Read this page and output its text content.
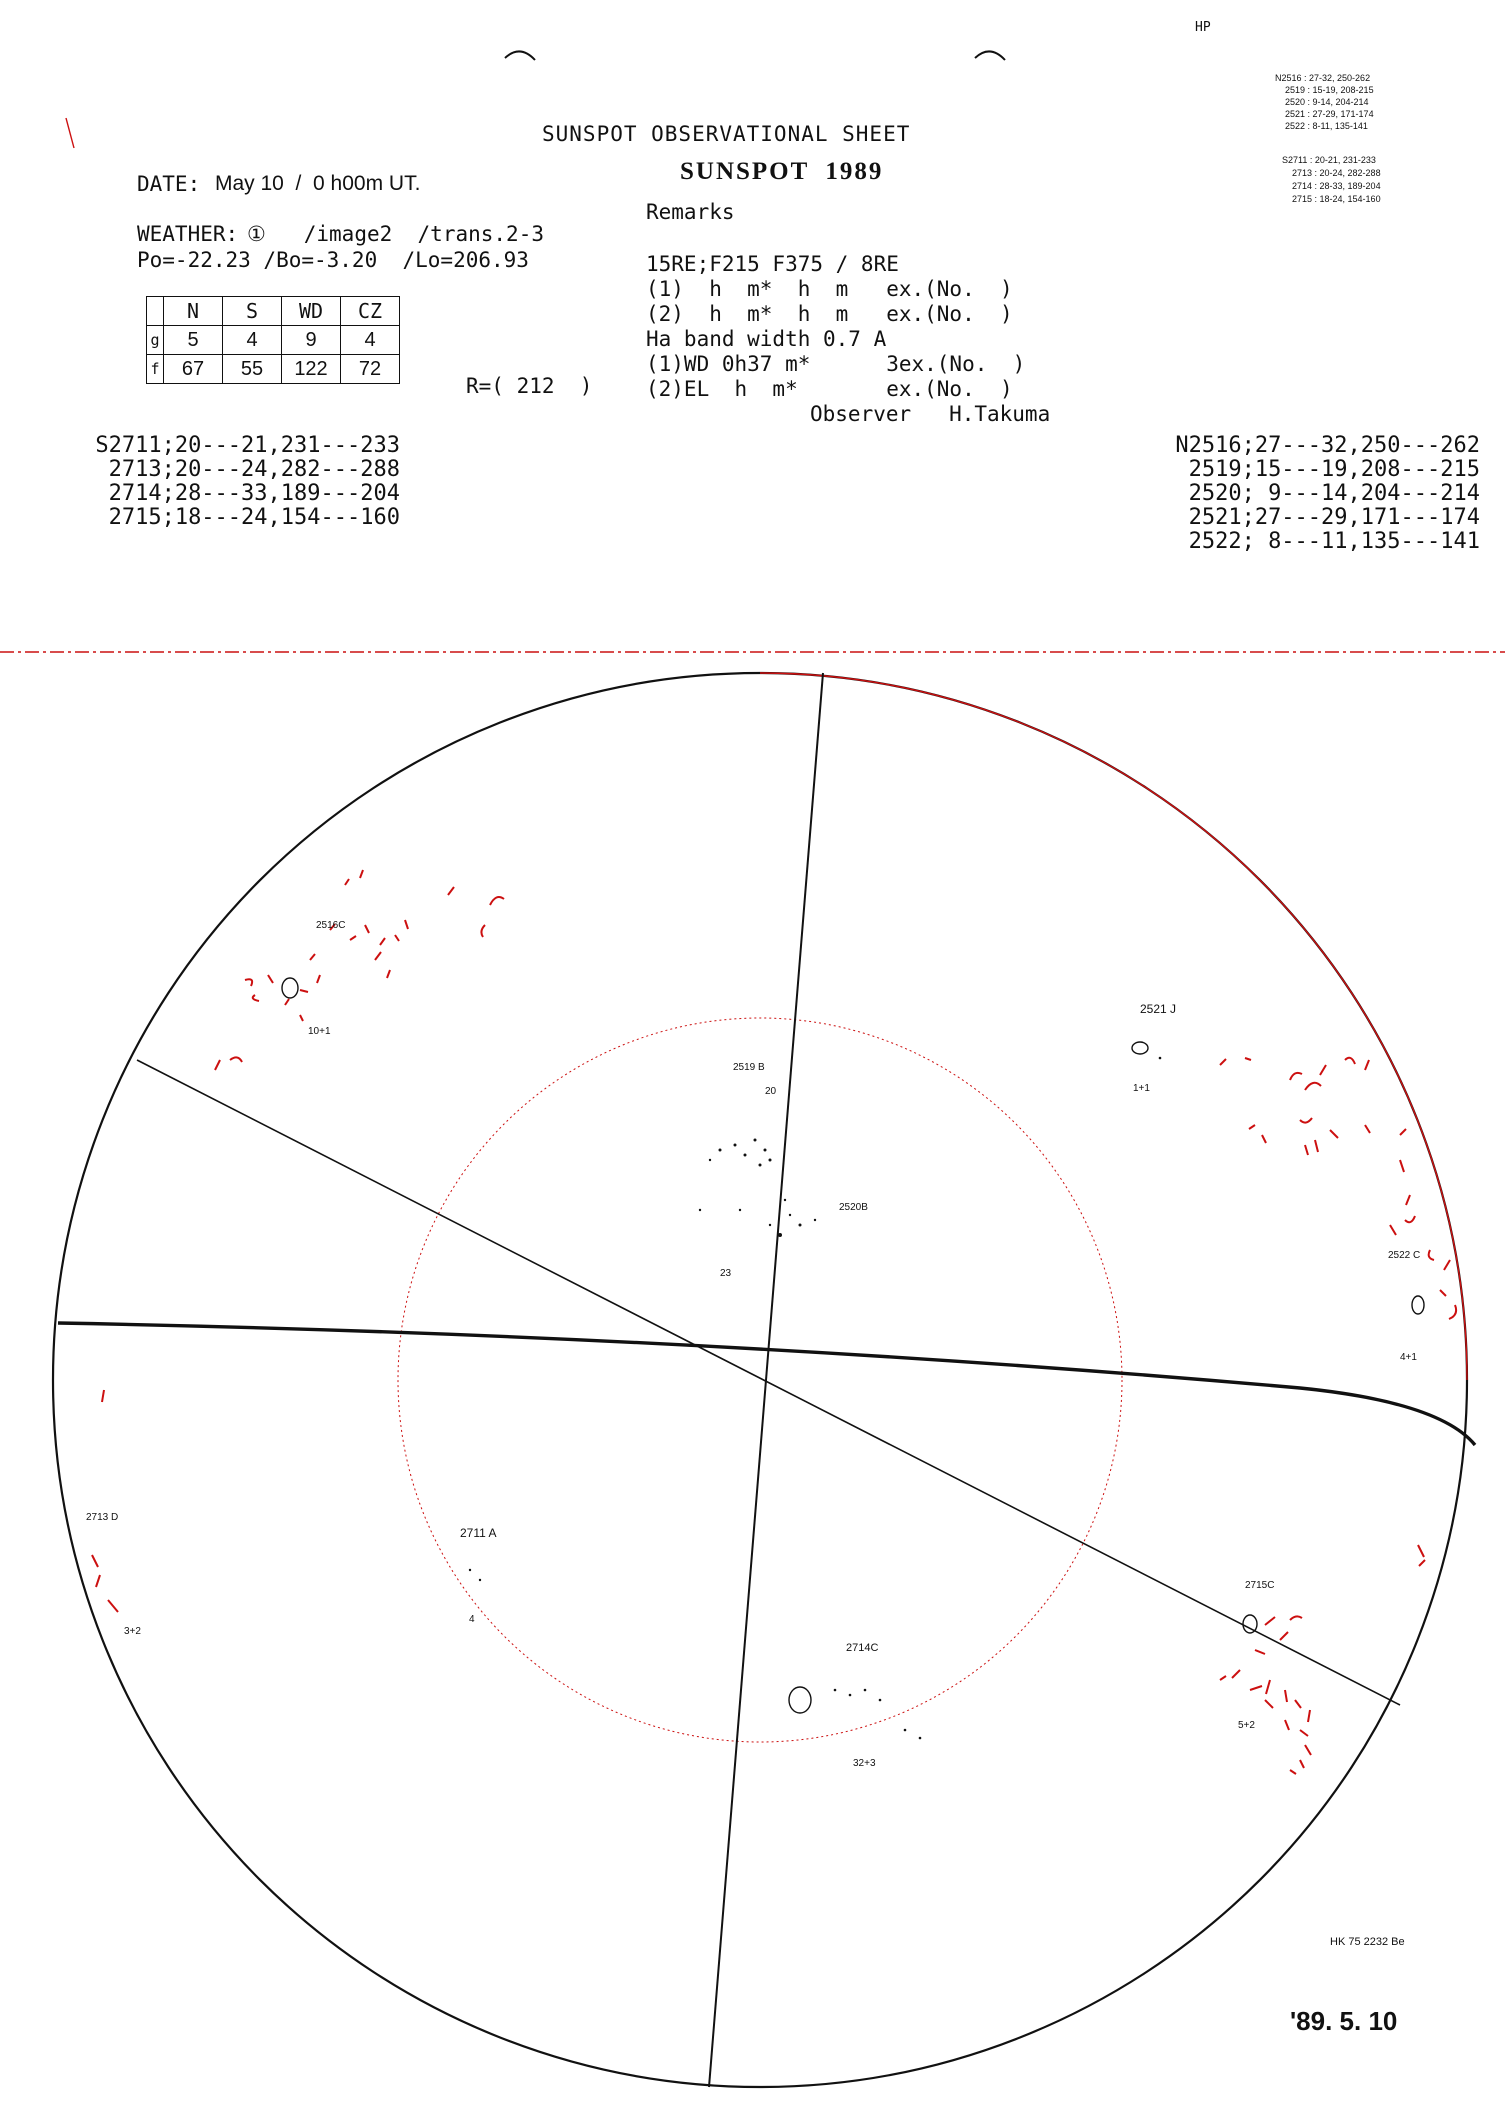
SUNSPOT OBSERVATIONAL SHEET
SUNSPOT  1989
HP
DATE: May 10  /  0 h00m UT.
WEATHER: ①   /image2  /trans.2-3
Po=-22.23 /Bo=-3.20  /Lo=206.93
Remarks
15RE;F215 F375 / 8RE
(1)  h  m*  h  m   ex.(No.  )
(2)  h  m*  h  m   ex.(No.  )
Ha band width 0.7 A
(1)WD 0h37 m*      3ex.(No.  )
(2)EL  h  m*       ex.(No.  )
Observer   H.Takuma
R=( 212  )
	N	S	WD	CZ
g	5	4	9	4
f	67	55	122	72
S2711;20---21,231---233
2713;20---24,282---288
2714;28---33,189---204
2715;18---24,154---160
N2516;27---32,250---262
2519;15---19,208---215
2520; 9---14,204---214
2521;27---29,171---174
2522; 8---11,135---141
N2516 : 27-32, 250-262
2519 : 15-19, 208-215
2520 : 9-14, 204-214
2521 : 27-29, 171-174
2522 : 8-11, 135-141
S2711 : 20-21, 231-233
2713 : 20-24, 282-288
2714 : 28-33, 189-204
2715 : 18-24, 154-160
2516C
10+1
2519 B
20
2520B
23
2521 J
1+1
2522 C
4+1
2713 D
3+2
2711 A
4
2714C
32+3
2715C
5+2
HK 75 2232 Be
'89. 5. 10
